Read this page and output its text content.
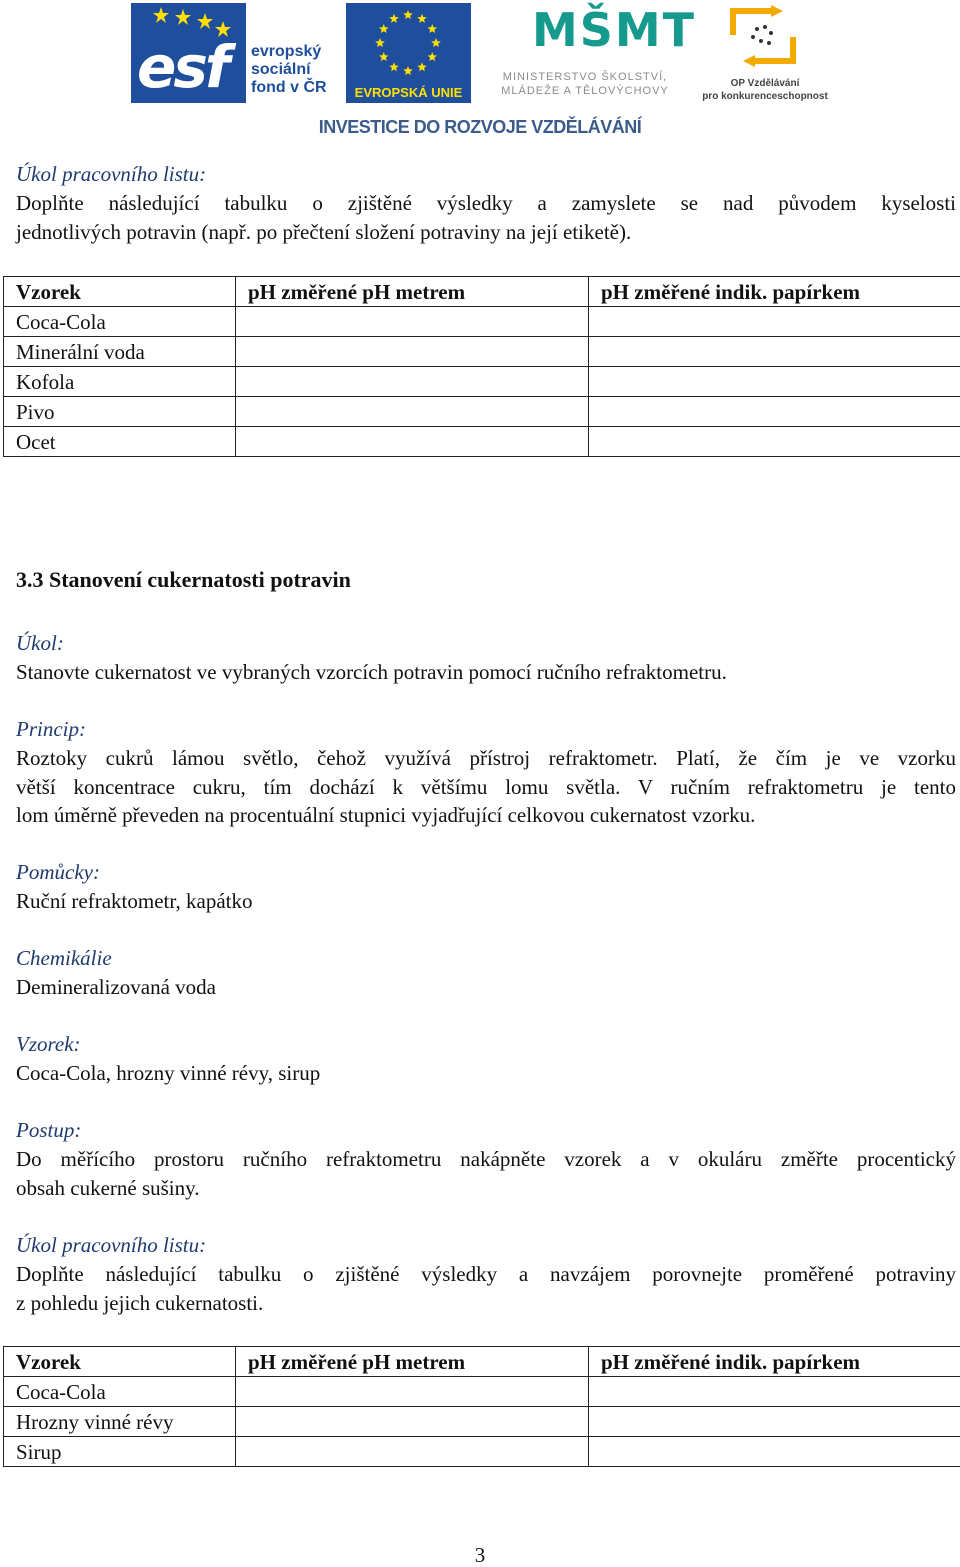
esf evropský
sociální
fond v ČR	EVROPSKÁ UNIE
MŠMT
MINISTERSTVO ŠKOLSTVÍ,
MLÁDEŽE A TĚLOVÝCHOVY
OP Vzdělávání
pro konkurenceschopnost
INVESTICE DO ROZVOJE VZDĚLÁVÁNÍ
Úkol pracovního listu:
Doplňte následující tabulku o zjištěné výsledky a zamyslete se nad původem kyselosti
jednotlivých potravin (např. po přečtení složení potraviny na její etiketě).
Vzorek	pH změřené pH metrem	pH změřené indik. papírkem
Coca-Cola		
Minerální voda		
Kofola		
Pivo		
Ocet		
3.3 Stanovení cukernatosti potravin
Úkol:
Stanovte cukernatost ve vybraných vzorcích potravin pomocí ručního refraktometru.
Princip:
Roztoky cukrů lámou světlo, čehož využívá přístroj refraktometr. Platí, že čím je ve vzorku
větší koncentrace cukru, tím dochází k většímu lomu světla. V ručním refraktometru je tento
lom úměrně převeden na procentuální stupnici vyjadřující celkovou cukernatost vzorku.
Pomůcky:
Ruční refraktometr, kapátko
Chemikálie
Demineralizovaná voda
Vzorek:
Coca-Cola, hrozny vinné révy, sirup
Postup:
Do měřícího prostoru ručního refraktometru nakápněte vzorek a v okuláru změřte procentický
obsah cukerné sušiny.
Úkol pracovního listu:
Doplňte následující tabulku o zjištěné výsledky a navzájem porovnejte proměřené potraviny
z pohledu jejich cukernatosti.
Vzorek	pH změřené pH metrem	pH změřené indik. papírkem
Coca-Cola		
Hrozny vinné révy		
Sirup		
3
